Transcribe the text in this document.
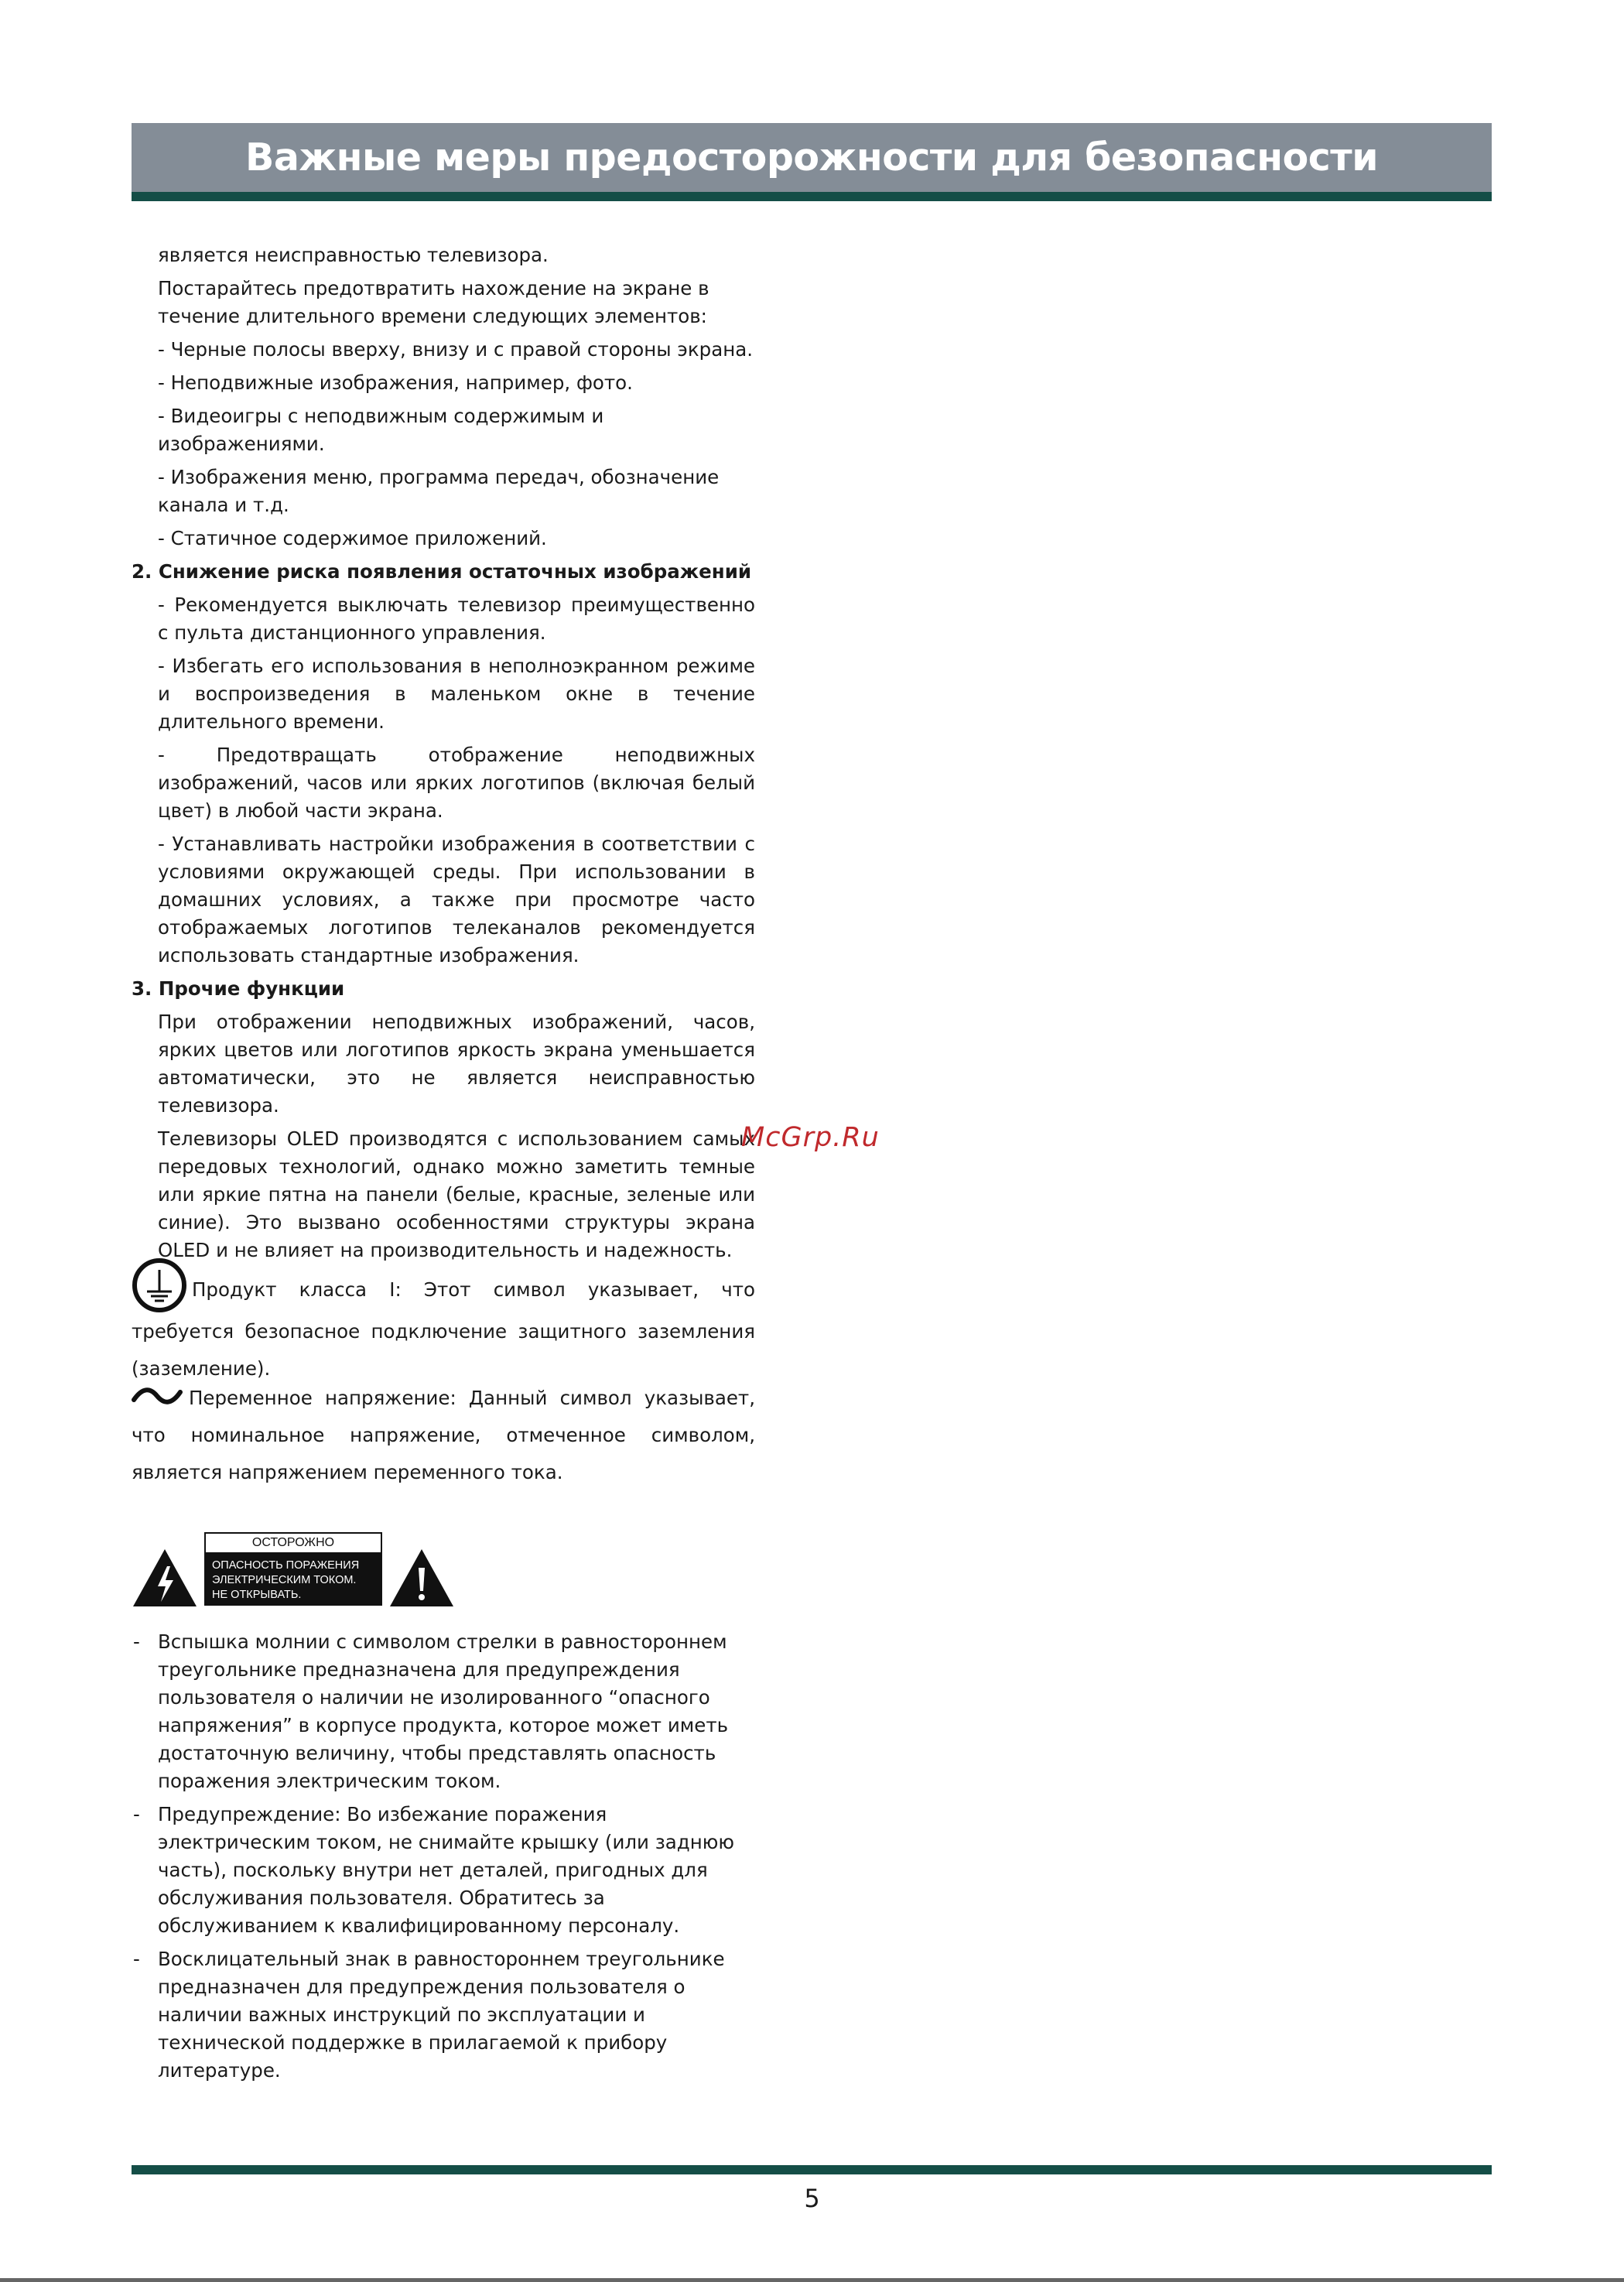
Важные меры предосторожности для безопасности

является неисправностью телевизора.

Постарайтесь предотвратить нахождение на экране в течение длительного времени следующих элементов:

- Черные полосы вверху, внизу и с правой стороны экрана.

- Неподвижные изображения, например, фото.

- Видеоигры с неподвижным содержимым и изображениями.

- Изображения меню, программа передач, обозначение канала и т.д.

- Статичное содержимое приложений.

2. Снижение риска появления остаточных изображений

- Рекомендуется выключать телевизор преимущественно с пульта дистанционного управления.

- Избегать его использования в неполноэкранном режиме и воспроизведения в маленьком окне в течение длительного времени.

- Предотвращать отображение неподвижных изображений, часов или ярких логотипов (включая белый цвет) в любой части экрана.

- Устанавливать настройки изображения в соответствии с условиями окружающей среды. При использовании в домашних условиях, а также при просмотре часто отображаемых логотипов телеканалов рекомендуется использовать стандартные изображения.

3. Прочие функции

При отображении неподвижных изображений, часов, ярких цветов или логотипов яркость экрана уменьшается автоматически, это не является неисправностью телевизора.

Телевизоры OLED производятся с использованием самых передовых технологий, однако можно заметить темные или яркие пятна на панели (белые, красные, зеленые или синие). Это вызвано особенностями структуры экрана OLED и не влияет на производительность и надежность.

McGrp.Ru

Продукт класса I: Этот символ указывает, что требуется безопасное подключение защитного заземления (заземление).

Переменное напряжение: Данный символ указывает, что номинальное напряжение, отмеченное символом, является напряжением переменного тока.

ОСТОРОЖНО
ОПАСНОСТЬ ПОРАЖЕНИЯ
ЭЛЕКТРИЧЕСКИМ ТОКОМ.
НЕ ОТКРЫВАТЬ.

- Вспышка молнии с символом стрелки в равностороннем треугольнике предназначена для предупреждения пользователя о наличии не изолированного “опасного напряжения” в корпусе продукта, которое может иметь достаточную величину, чтобы представлять опасность поражения электрическим током.

- Предупреждение: Во избежание поражения электрическим током, не снимайте крышку (или заднюю часть), поскольку внутри нет деталей, пригодных для обслуживания пользователя. Обратитесь за обслуживанием к квалифицированному персоналу.

- Восклицательный знак в равностороннем треугольнике предназначен для предупреждения пользователя о наличии важных инструкций по эксплуатации и технической поддержке в прилагаемой к прибору литературе.

5
